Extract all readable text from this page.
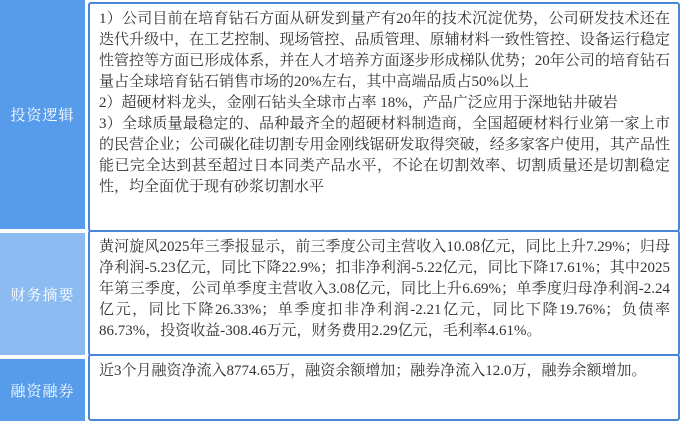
投资逻辑
财务摘要
融资融券

1）公司目前在培育钻石方面从研发到量产有20年的技术沉淀优势，公司研发技术还在迭代升级中，在工艺控制、现场管控、品质管理、原辅材料一致性管控、设备运行稳定性管控等方面已形成体系，并在人才培养方面逐步形成梯队优势；20年公司的培育钻石量占全球培育钻石销售市场的20%左右，其中高端品质占50%以上

2）超硬材料龙头，金刚石钻头全球市占率 18%，产品广泛应用于深地钻井破岩

3）全球质量最稳定的、品种最齐全的超硬材料制造商，全国超硬材料行业第一家上市的民营企业；公司碳化硅切割专用金刚线锯研发取得突破，经多家客户使用，其产品性能已完全达到甚至超过日本同类产品水平，不论在切割效率、切割质量还是切割稳定性，均全面优于现有砂浆切割水平

黄河旋风2025年三季报显示，前三季度公司主营收入10.08亿元，同比上升7.29%；归母净利润-5.23亿元，同比下降22.9%；扣非净利润-5.22亿元，同比下降17.61%；其中2025年第三季度，公司单季度主营收入3.08亿元，同比上升6.69%；单季度归母净利润-2.24亿元，同比下降26.33%；单季度扣非净利润-2.21亿元，同比下降19.76%；负债率86.73%，投资收益-308.46万元，财务费用2.29亿元，毛利率4.61%。

近3个月融资净流入8774.65万，融资余额增加；融券净流入12.0万，融券余额增加。
